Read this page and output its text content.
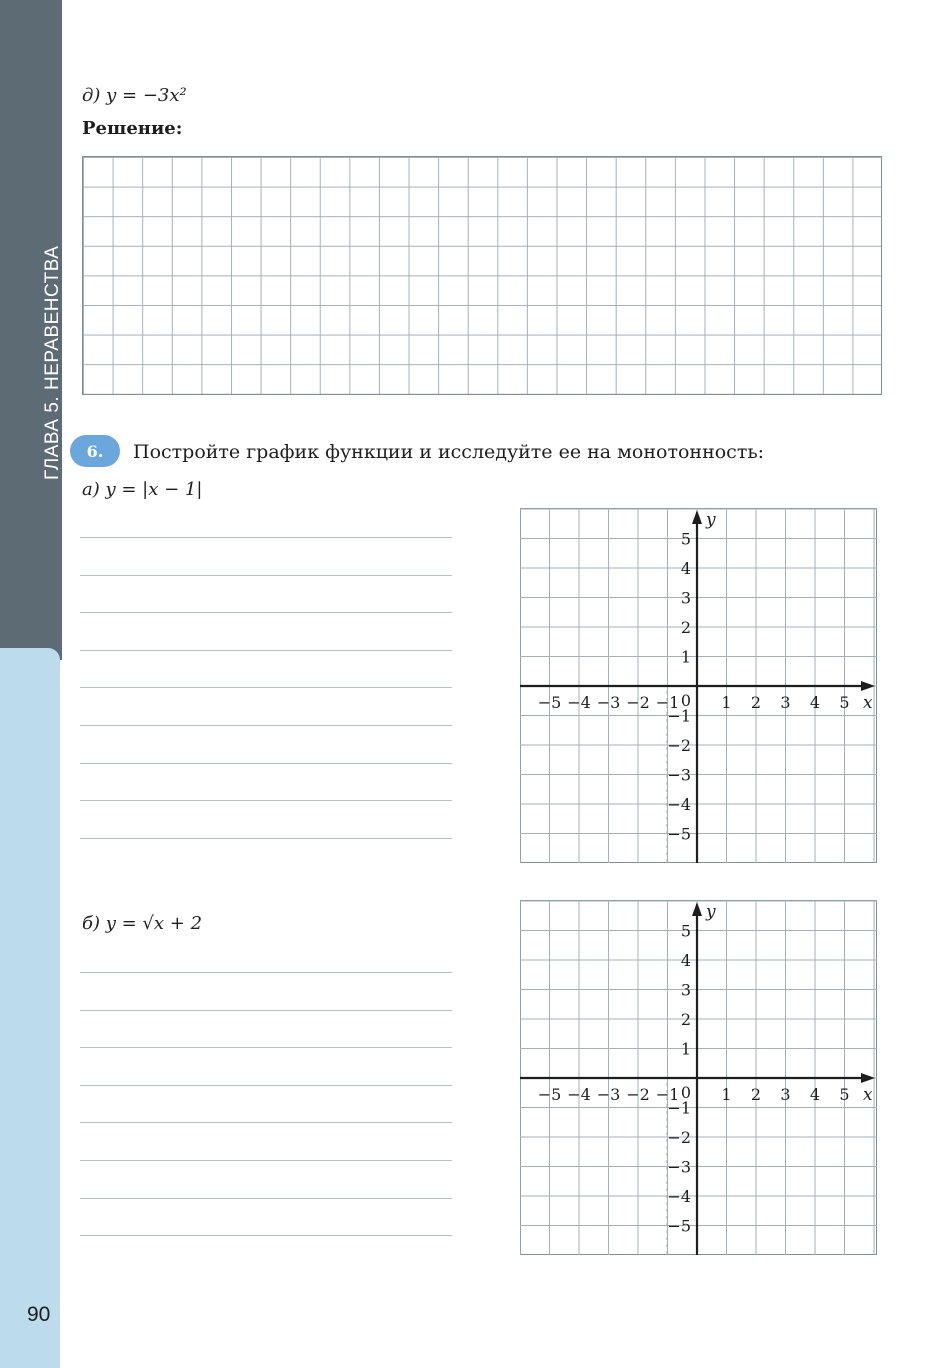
ГЛАВА 5. НЕРАВЕНСТВА
90
д) y = −3x²
Решение:
6.	Постройте график функции и исследуйте ее на монотонность:
а) y = |x − 1|
б) y = √x + 2
−5 −4 −3 −2 −1	1 2 3 4 5
5
4
3
2
1
−1
−2
−3
−4
−5
0	x
y
−5 −4 −3 −2 −1	1 2 3 4 5
5
4
3
2
1
−1
−2
−3
−4
−5
0	x
y
